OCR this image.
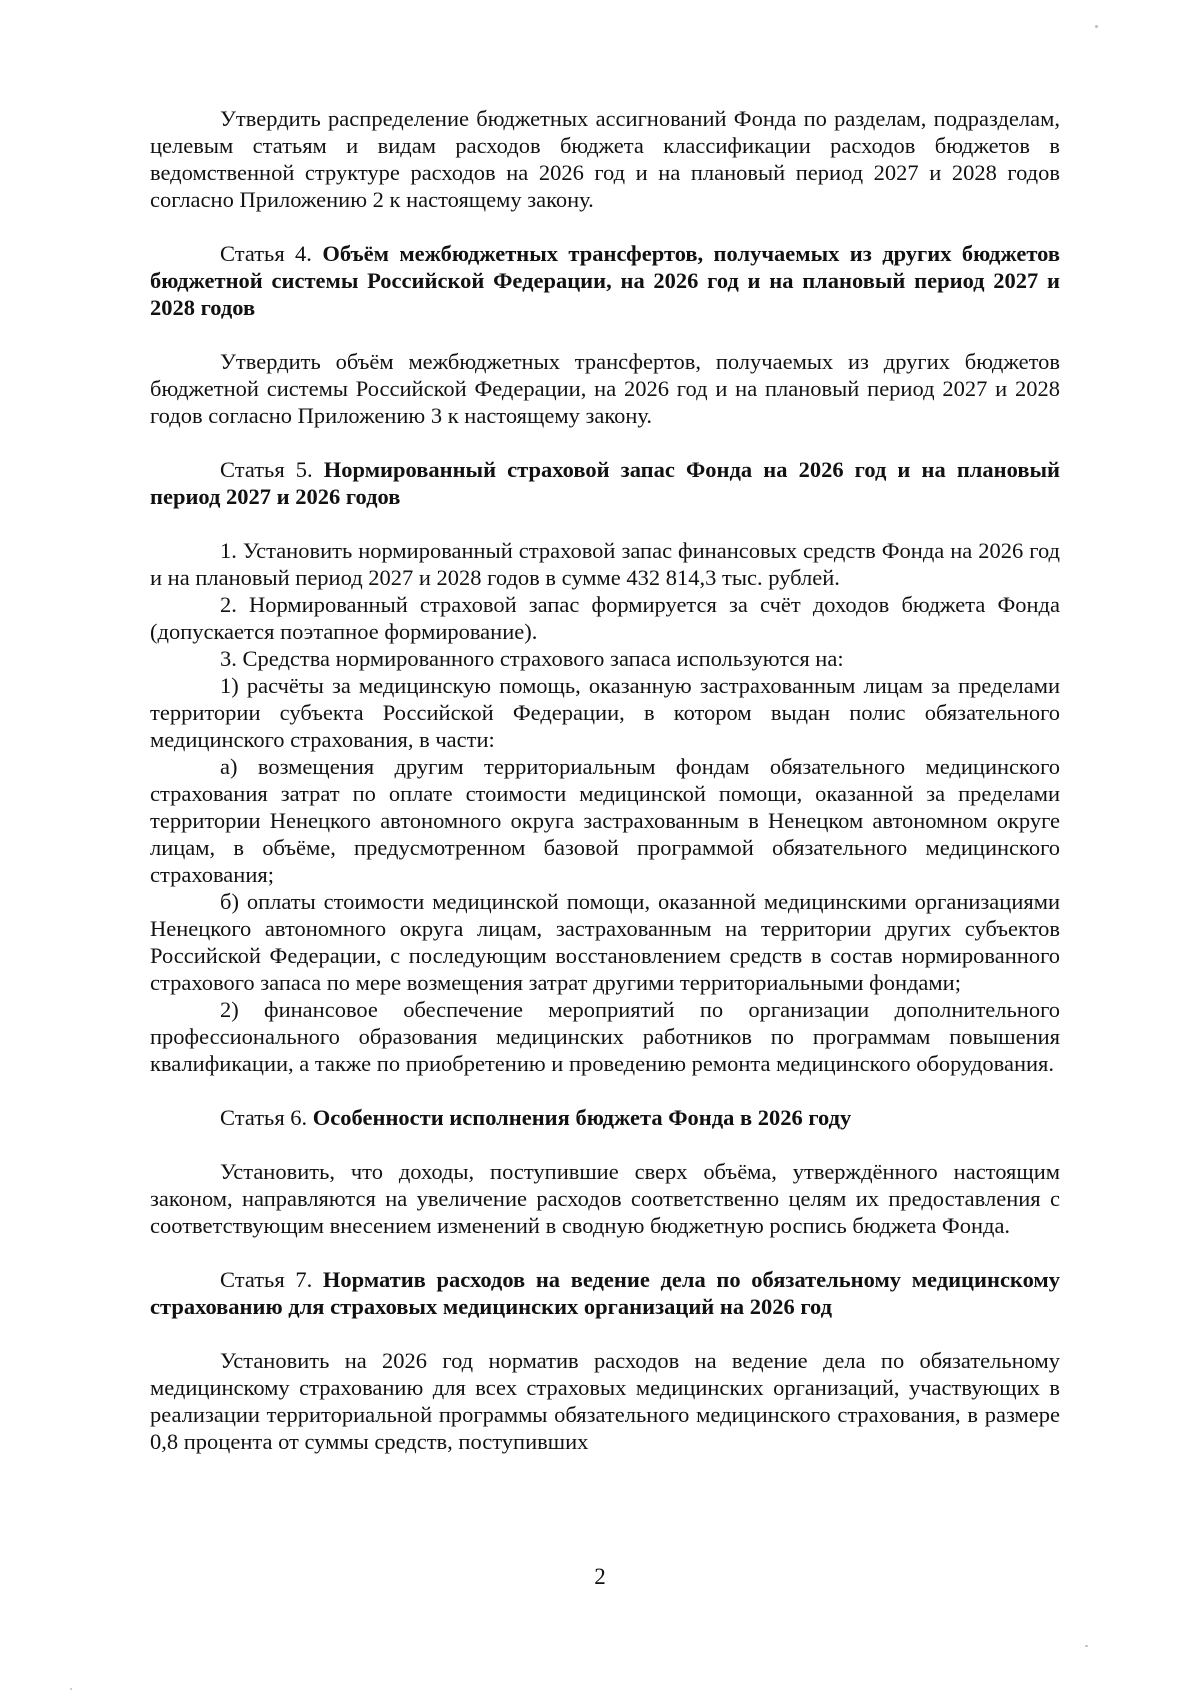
Утвердить распределение бюджетных ассигнований Фонда по разделам, подразделам, целевым статьям и видам расходов бюджета классификации расходов бюджетов в ведомственной структуре расходов на 2026 год и на плановый период 2027 и 2028 годов согласно Приложению 2 к настоящему закону.

Статья 4. Объём межбюджетных трансфертов, получаемых из других бюджетов бюджетной системы Российской Федерации, на 2026 год и на плановый период 2027 и 2028 годов

Утвердить объём межбюджетных трансфертов, получаемых из других бюджетов бюджетной системы Российской Федерации, на 2026 год и на плановый период 2027 и 2028 годов согласно Приложению 3 к настоящему закону.

Статья 5. Нормированный страховой запас Фонда на 2026 год и на плановый период 2027 и 2026 годов

1. Установить нормированный страховой запас финансовых средств Фонда на 2026 год и на плановый период 2027 и 2028 годов в сумме 432 814,3 тыс. рублей.

2. Нормированный страховой запас формируется за счёт доходов бюджета Фонда (допускается поэтапное формирование).

3. Средства нормированного страхового запаса используются на:

1) расчёты за медицинскую помощь, оказанную застрахованным лицам за пределами территории субъекта Российской Федерации, в котором выдан полис обязательного медицинского страхования, в части:

а) возмещения другим территориальным фондам обязательного медицинского страхования затрат по оплате стоимости медицинской помощи, оказанной за пределами территории Ненецкого автономного округа застрахованным в Ненецком автономном округе лицам, в объёме, предусмотренном базовой программой обязательного медицинского страхования;

б) оплаты стоимости медицинской помощи, оказанной медицинскими организациями Ненецкого автономного округа лицам, застрахованным на территории других субъектов Российской Федерации, с последующим восстановлением средств в состав нормированного страхового запаса по мере возмещения затрат другими территориальными фондами;

2) финансовое обеспечение мероприятий по организации дополнительного профессионального образования медицинских работников по программам повышения квалификации, а также по приобретению и проведению ремонта медицинского оборудования.

Статья 6. Особенности исполнения бюджета Фонда в 2026 году

Установить, что доходы, поступившие сверх объёма, утверждённого настоящим законом, направляются на увеличение расходов соответственно целям их предоставления с соответствующим внесением изменений в сводную бюджетную роспись бюджета Фонда.

Статья 7. Норматив расходов на ведение дела по обязательному медицинскому страхованию для страховых медицинских организаций на 2026 год

Установить на 2026 год норматив расходов на ведение дела по обязательному медицинскому страхованию для всех страховых медицинских организаций, участвующих в реализации территориальной программы обязательного медицинского страхования, в размере 0,8 процента от суммы средств, поступивших

2
